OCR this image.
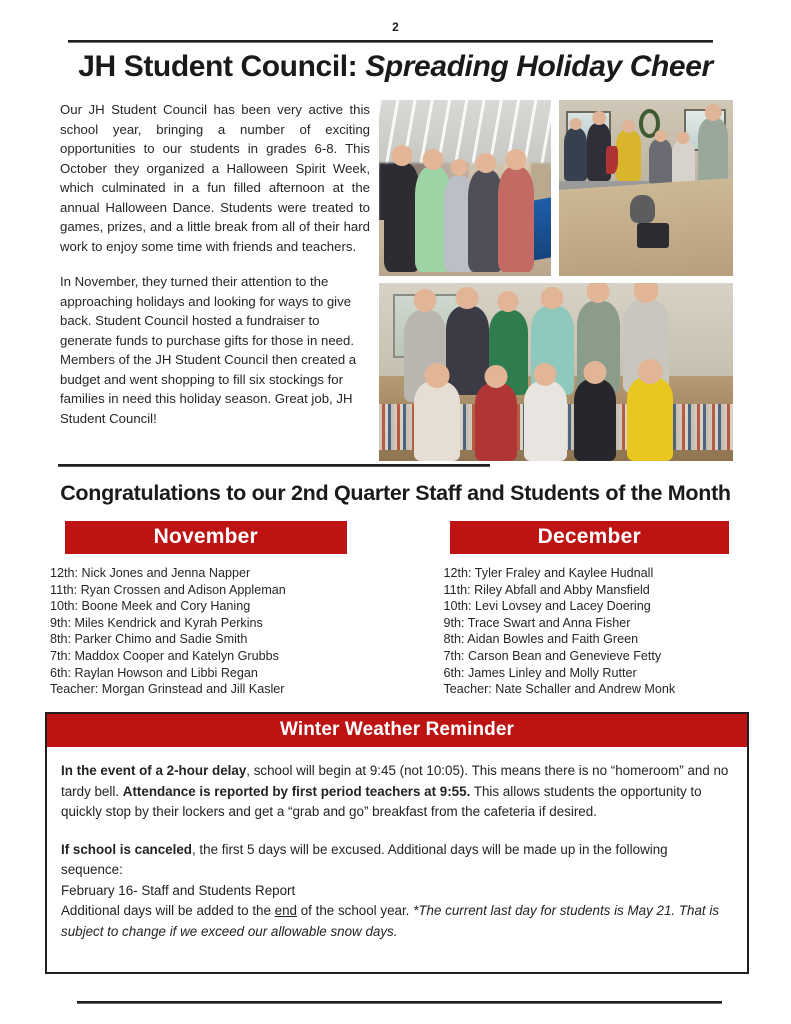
2
JH Student Council: Spreading Holiday Cheer

Our JH Student Council has been very active this school year, bringing a number of exciting opportunities to our students in grades 6-8. This October they organized a Halloween Spirit Week, which culminated in a fun filled afternoon at the annual Halloween Dance. Students were treated to games, prizes, and a little break from all of their hard work to enjoy some time with friends and teachers.

In November, they turned their attention to the approaching holidays and looking for ways to give back. Student Council hosted a fundraiser to generate funds to purchase gifts for those in need. Members of the JH Student Council then created a budget and went shopping to fill six stockings for families in need this holiday season. Great job, JH Student Council!

Congratulations to our 2nd Quarter Staff and Students of the Month
November
12th: Nick Jones and Jenna Napper
11th: Ryan Crossen and Adison Appleman
10th: Boone Meek and Cory Haning
9th: Miles Kendrick and Kyrah Perkins
8th: Parker Chimo and Sadie Smith
7th: Maddox Cooper and Katelyn Grubbs
6th: Raylan Howson and Libbi Regan
Teacher: Morgan Grinstead and Jill Kasler
December
12th: Tyler Fraley and Kaylee Hudnall
11th: Riley Abfall and Abby Mansfield
10th: Levi Lovsey and Lacey Doering
9th: Trace Swart and Anna Fisher
8th: Aidan Bowles and Faith Green
7th: Carson Bean and Genevieve Fetty
6th: James Linley and Molly Rutter
Teacher: Nate Schaller and Andrew Monk
Winter Weather Reminder

In the event of a 2-hour delay, school will begin at 9:45 (not 10:05). This means there is no “homeroom” and no tardy bell. Attendance is reported by first period teachers at 9:55. This allows students the opportunity to quickly stop by their lockers and get a “grab and go” breakfast from the cafeteria if desired.

If school is canceled, the first 5 days will be excused. Additional days will be made up in the following sequence:
February 16- Staff and Students Report
Additional days will be added to the end of the school year. *The current last day for students is May 21. That is subject to change if we exceed our allowable snow days.
